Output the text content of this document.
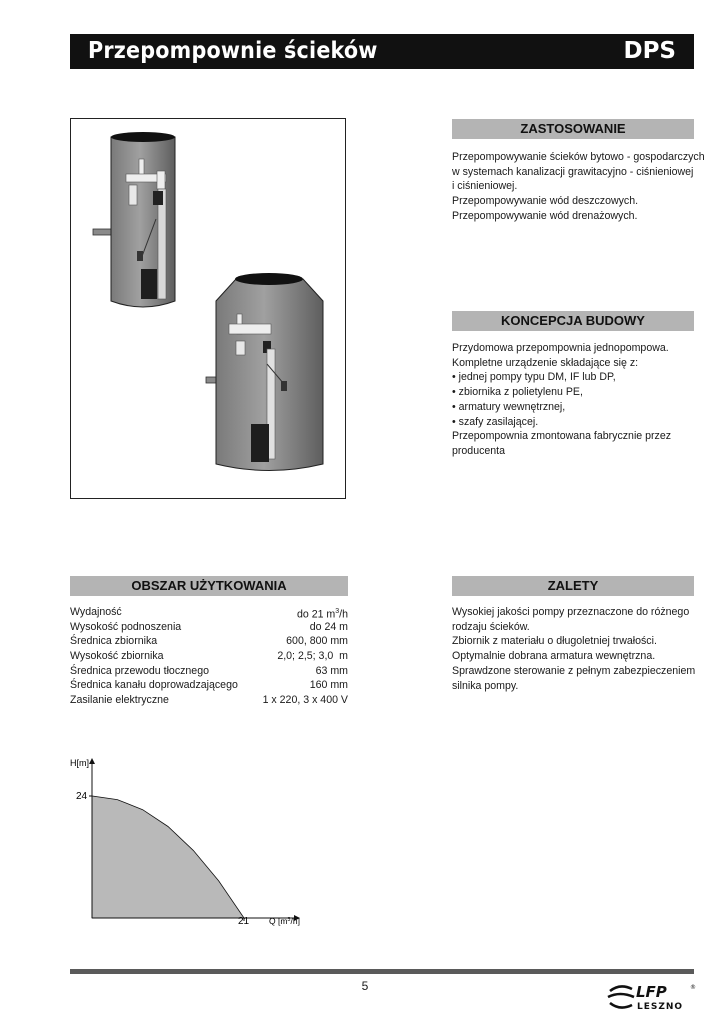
Przepompownie ścieków	DPS
ZASTOSOWANIE

Przepompowywanie ścieków bytowo - gospodarczych

w systemach kanalizacji grawitacyjno - ciśnieniowej

i ciśnieniowej.

Przepompowywanie wód deszczowych.

Przepompowywanie wód drenażowych.

KONCEPCJA BUDOWY

Przydomowa przepompownia jednopompowa.

Kompletne urządzenie składające się z:

• jednej pompy typu DM, IF lub DP,

• zbiornika z polietylenu PE,

• armatury wewnętrznej,

• szafy zasilającej.

Przepompownia zmontowana fabrycznie przez

producenta

OBSZAR UŻYTKOWANIA
Wydajność	do 21 $m^3/h$
Wysokość podnoszenia	do 24 m
Średnica zbiornika	600, 800 mm
Wysokość zbiornika	2,0; 2,5; 3,0  m
Średnica przewodu tłocznego	63 mm
Średnica kanału doprowadzającego	160 mm
Zasilanie elektryczne	1 x 220, 3 x 400 V
ZALETY

Wysokiej jakości pompy przeznaczone do różnego

rodzaju ścieków.

Zbiornik z materiału o długoletniej trwałości.

Optymalnie dobrana armatura wewnętrzna.

Sprawdzone sterowanie z pełnym zabezpieczeniem

silnika pompy.

H[m]
24
21 Q $[m^3/h]$
5	LFP	®
LESZNO
